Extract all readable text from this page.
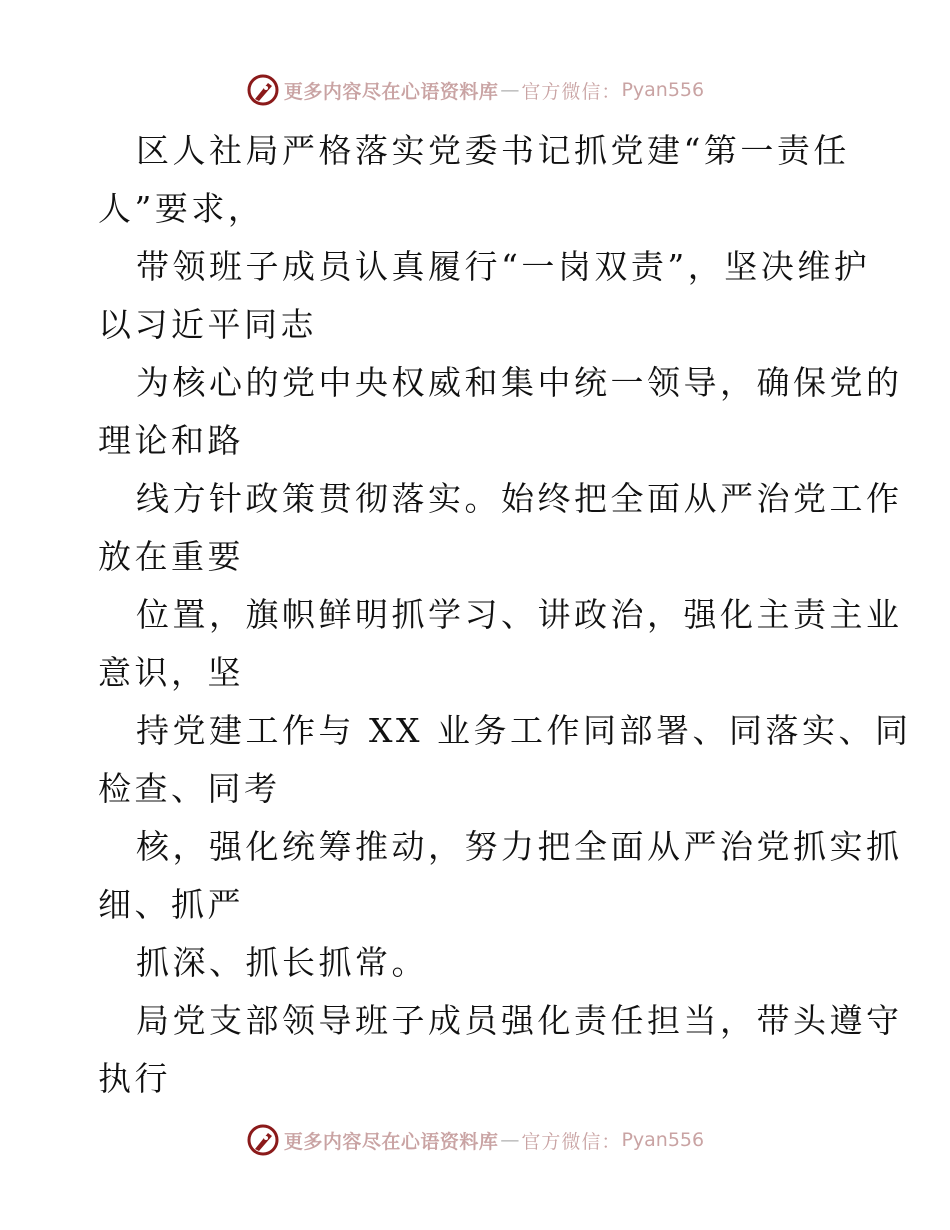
更多内容尽在心语资料库 — 官方微信： Pyan556

区人社局严格落实党委书记抓党建“第一责任
人”要求，

带领班子成员认真履行“一岗双责”，坚决维护
以习近平同志

为核心的党中央权威和集中统一领导，确保党的
理论和路

线方针政策贯彻落实。始终把全面从严治党工作
放在重要

位置，旗帜鲜明抓学习、讲政治，强化主责主业
意识，坚

持党建工作与 XX 业务工作同部署、同落实、同
检查、同考

核，强化统筹推动，努力把全面从严治党抓实抓
细、抓严

抓深、抓长抓常。

局党支部领导班子成员强化责任担当，带头遵守
执行

更多内容尽在心语资料库 — 官方微信： Pyan556
